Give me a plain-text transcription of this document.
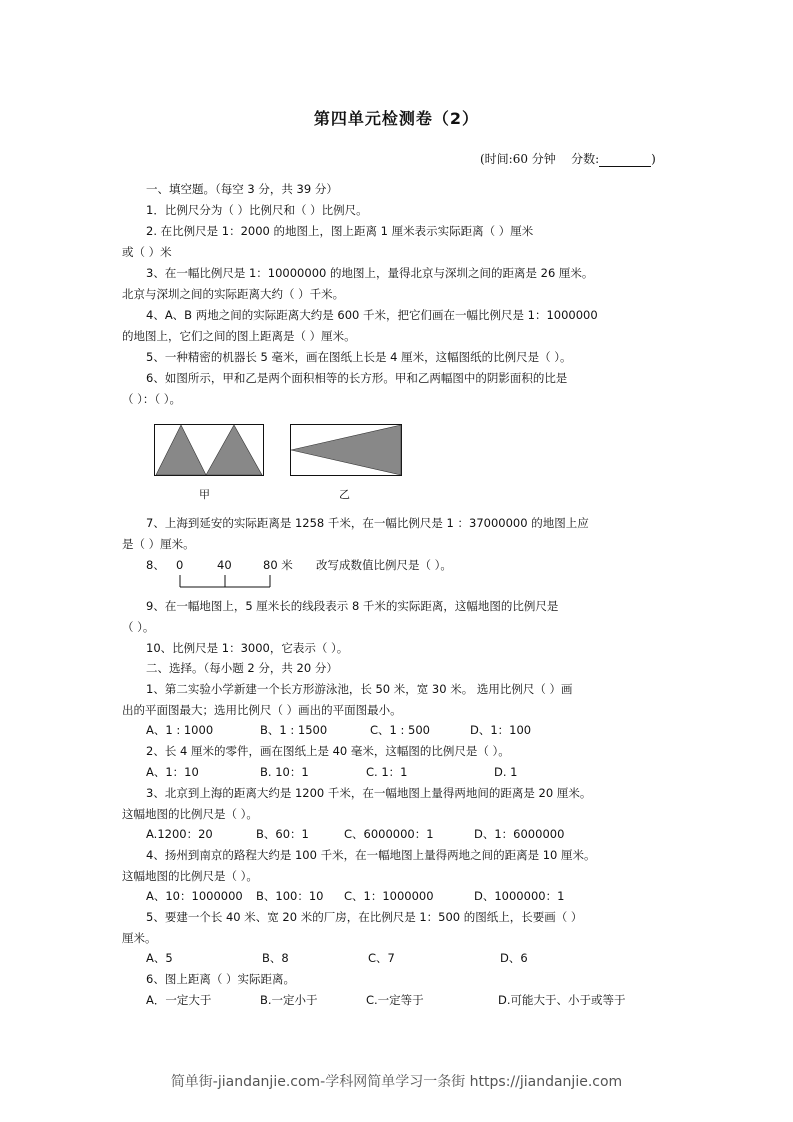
第四单元检测卷（2）
(时间:60 分钟 分数:	)
一、填空题。（每空 3 分，共 39 分）
1．比例尺分为（ ）比例尺和（ ）比例尺。
2. 在比例尺是 1：2000 的地图上，图上距离 1 厘米表示实际距离（ ）厘米
或（ ）米
3、在一幅比例尺是 1：10000000 的地图上，量得北京与深圳之间的距离是 26 厘米。
北京与深圳之间的实际距离大约（ ）千米。
4、A、B 两地之间的实际距离大约是 600 千米，把它们画在一幅比例尺是 1：1000000
的地图上，它们之间的图上距离是（ ）厘米。
5、一种精密的机器长 5 毫米，画在图纸上长是 4 厘米，这幅图纸的比例尺是（ ）。
6、如图所示，甲和乙是两个面积相等的长方形。甲和乙两幅图中的阴影面积的比是
（ ）：（ ）。
甲	乙
7、上海到延安的实际距离是 1258 千米，在一幅比例尺是 1 ：37000000 的地图上应
是（ ）厘米。
8、 0	40	80 米	改写成数值比例尺是（ ）。
9、在一幅地图上，5 厘米长的线段表示 8 千米的实际距离，这幅地图的比例尺是
（ ）。
10、比例尺是 1：3000，它表示（ ）。
二、选择。（每小题 2 分，共 20 分）
1、第二实验小学新建一个长方形游泳池，长 50 米，宽 30 米。 选用比例尺（ ）画
出的平面图最大；选用比例尺（ ）画出的平面图最小。
A、1 : 1000	B、1 : 1500	C、1 : 500	D、1：100
2、长 4 厘米的零件，画在图纸上是 40 毫米，这幅图的比例尺是（ ）。
A、1：10	B. 10：1	C. 1：1	D. 1
3、北京到上海的距离大约是 1200 千米，在一幅地图上量得两地间的距离是 20 厘米。
这幅地图的比例尺是（ ）。
A.1200：20	B、60：1	C、6000000：1	D、1：6000000
4、扬州到南京的路程大约是 100 千米，在一幅地图上量得两地之间的距离是 10 厘米。
这幅地图的比例尺是（ ）。
A、10：1000000 B、100：10 C、1：1000000	D、1000000：1
5、要建一个长 40 米、宽 20 米的厂房，在比例尺是 1：500 的图纸上，长要画（ ）
厘米。
A、5	B、8	C、7	D、6
6、图上距离（ ）实际距离。
A．一定大于	B.一定小于	C.一定等于	D.可能大于、小于或等于
简单街-jiandanjie.com-学科网简单学习一条街 https://jiandanjie.com
